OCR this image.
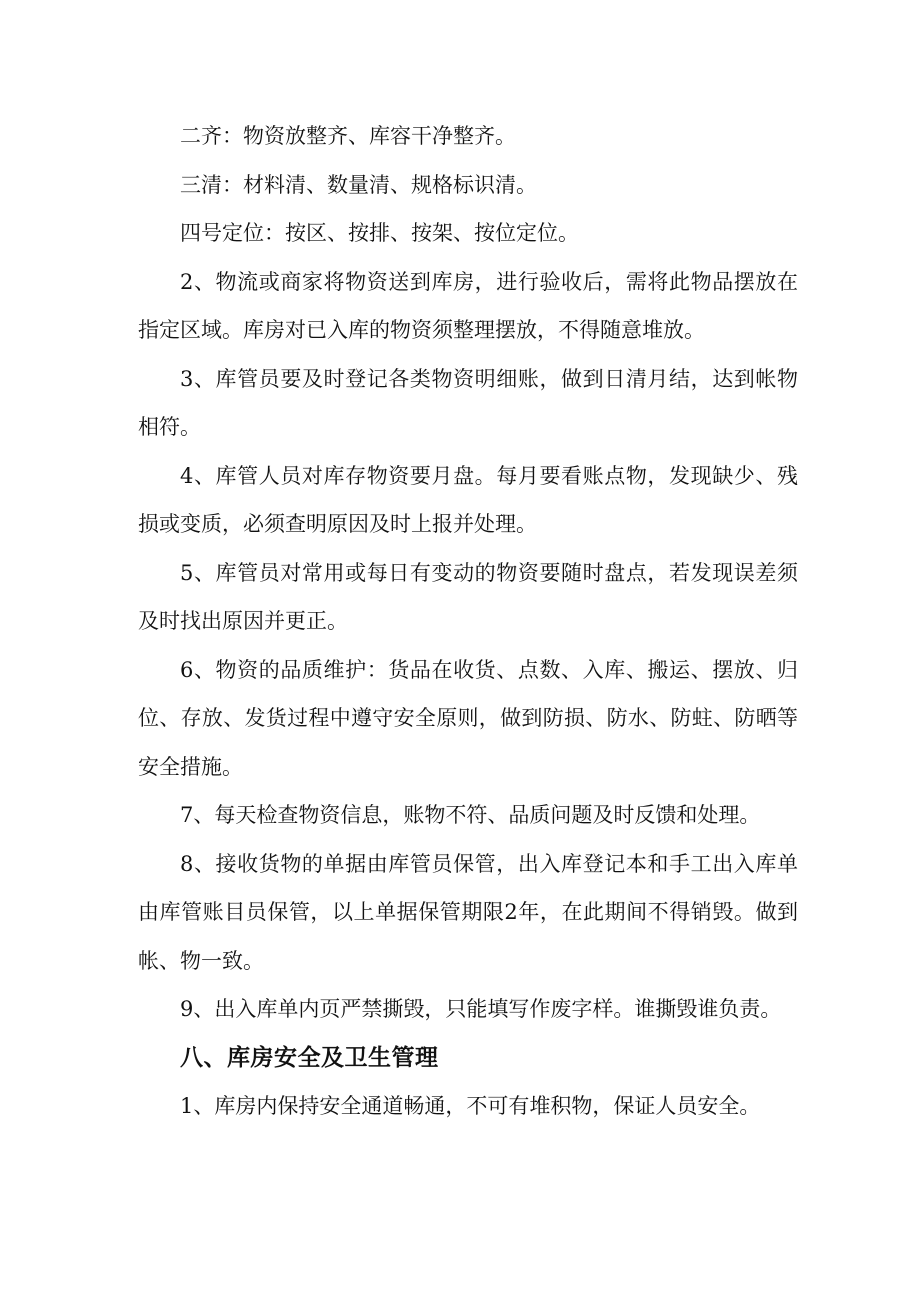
二齐：物资放整齐、库容干净整齐。

三清：材料清、数量清、规格标识清。

四号定位：按区、按排、按架、按位定位。

2、物流或商家将物资送到库房，进行验收后，需将此物品摆放在指定区域。库房对已入库的物资须整理摆放，不得随意堆放。

3、库管员要及时登记各类物资明细账，做到日清月结，达到帐物相符。

4、库管人员对库存物资要月盘。每月要看账点物，发现缺少、残损或变质，必须查明原因及时上报并处理。

5、库管员对常用或每日有变动的物资要随时盘点，若发现误差须及时找出原因并更正。

6、物资的品质维护：货品在收货、点数、入库、搬运、摆放、归位、存放、发货过程中遵守安全原则，做到防损、防水、防蛀、防晒等安全措施。

7、每天检查物资信息，账物不符、品质问题及时反馈和处理。

8、接收货物的单据由库管员保管，出入库登记本和手工出入库单由库管账目员保管，以上单据保管期限2年，在此期间不得销毁。做到帐、物一致。

9、出入库单内页严禁撕毁，只能填写作废字样。谁撕毁谁负责。

八、库房安全及卫生管理

1、库房内保持安全通道畅通，不可有堆积物，保证人员安全。
